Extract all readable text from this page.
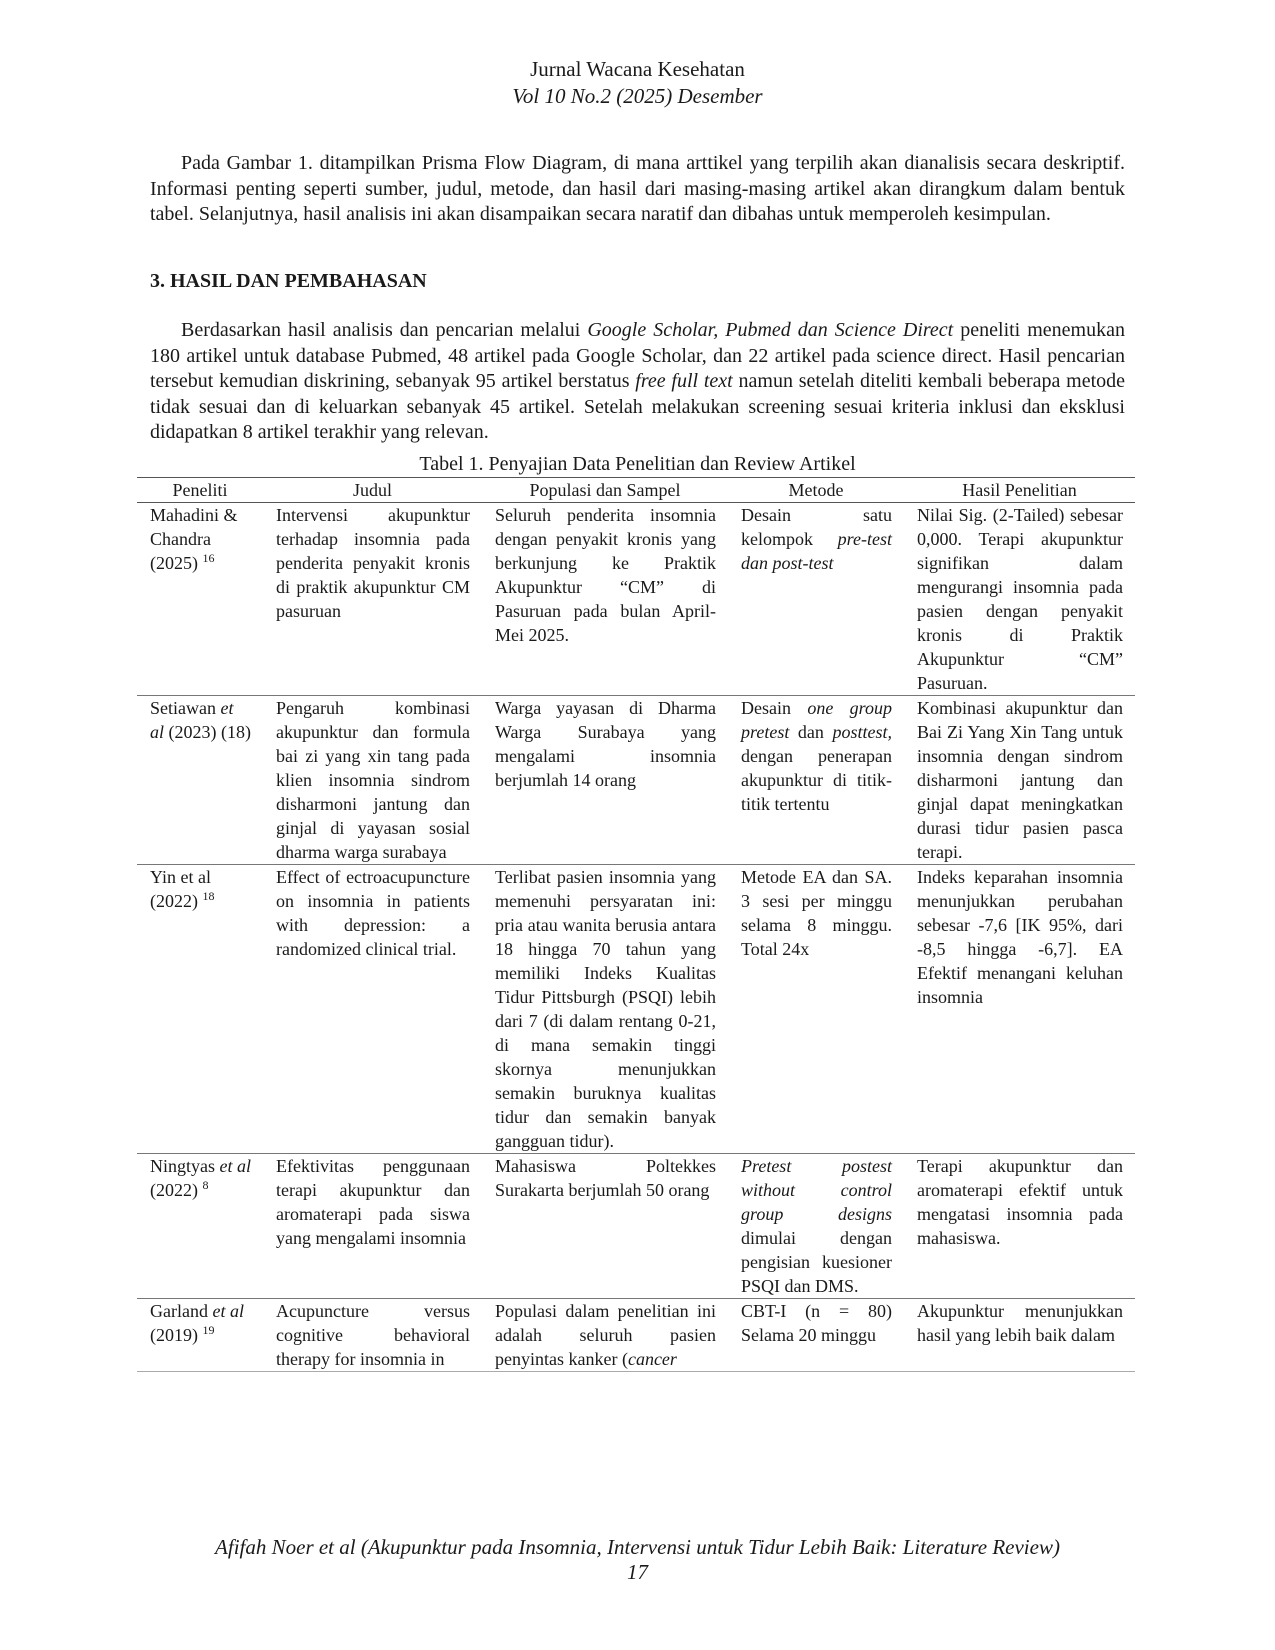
Jurnal Wacana Kesehatan
Vol 10 No.2 (2025) Desember

Pada Gambar 1. ditampilkan Prisma Flow Diagram, di mana arttikel yang terpilih akan dianalisis secara deskriptif. Informasi penting seperti sumber, judul, metode, dan hasil dari masing-masing artikel akan dirangkum dalam bentuk tabel. Selanjutnya, hasil analisis ini akan disampaikan secara naratif dan dibahas untuk memperoleh kesimpulan.

3. HASIL DAN PEMBAHASAN

Berdasarkan hasil analisis dan pencarian melalui Google Scholar, Pubmed dan Science Direct peneliti menemukan 180 artikel untuk database Pubmed, 48 artikel pada Google Scholar, dan 22 artikel pada science direct. Hasil pencarian tersebut kemudian diskrining, sebanyak 95 artikel berstatus free full text namun setelah diteliti kembali beberapa metode tidak sesuai dan di keluarkan sebanyak 45 artikel. Setelah melakukan screening sesuai kriteria inklusi dan eksklusi didapatkan 8 artikel terakhir yang relevan.

Tabel 1. Penyajian Data Penelitian dan Review Artikel
Peneliti	Judul	Populasi dan Sampel	Metode	Hasil Penelitian
Mahadini & Chandra (2025) $^{16}$	Intervensi akupunktur terhadap insomnia pada penderita penyakit kronis di praktik akupunktur CM pasuruan	Seluruh penderita insomnia dengan penyakit kronis yang berkunjung ke Praktik Akupunktur “CM” di Pasuruan pada bulan April-Mei 2025.	Desain satu kelompok pre-test dan post-test	Nilai Sig. (2-Tailed) sebesar 0,000. Terapi akupunktur signifikan dalam mengurangi insomnia pada pasien dengan penyakit kronis di Praktik Akupunktur “CM” Pasuruan.
Setiawan et al (2023) (18)	Pengaruh kombinasi akupunktur dan formula bai zi yang xin tang pada klien insomnia sindrom disharmoni jantung dan ginjal di yayasan sosial dharma warga surabaya	Warga yayasan di Dharma Warga Surabaya yang mengalami insomnia berjumlah 14 orang	Desain one group pretest dan posttest, dengan penerapan akupunktur di titik-titik tertentu	Kombinasi akupunktur dan Bai Zi Yang Xin Tang untuk insomnia dengan sindrom disharmoni jantung dan ginjal dapat meningkatkan durasi tidur pasien pasca terapi.
Yin et al (2022) $^{18}$	Effect of ectroacupuncture on insomnia in patients with depression: a randomized clinical trial.	Terlibat pasien insomnia yang memenuhi persyaratan ini: pria atau wanita berusia antara 18 hingga 70 tahun yang memiliki Indeks Kualitas Tidur Pittsburgh (PSQI) lebih dari 7 (di dalam rentang 0-21, di mana semakin tinggi skornya menunjukkan semakin buruknya kualitas tidur dan semakin banyak gangguan tidur).	Metode EA dan SA. 3 sesi per minggu selama 8 minggu. Total 24x	Indeks keparahan insomnia menunjukkan perubahan sebesar -7,6 [IK 95%, dari -8,5 hingga -6,7]. EA Efektif menangani keluhan insomnia
Ningtyas et al (2022) $^8$	Efektivitas penggunaan terapi akupunktur dan aromaterapi pada siswa yang mengalami insomnia	Mahasiswa Poltekkes Surakarta berjumlah 50 orang	Pretest postest without control group designs dimulai dengan pengisian kuesioner PSQI dan DMS.	Terapi akupunktur dan aromaterapi efektif untuk mengatasi insomnia pada mahasiswa.
Garland et al (2019) $^{19}$	Acupuncture versus cognitive behavioral therapy for insomnia in	Populasi dalam penelitian ini adalah seluruh pasien penyintas kanker (cancer	CBT-I (n = 80) Selama 20 minggu	Akupunktur menunjukkan hasil yang lebih baik dalam
Afifah Noer et al (Akupunktur pada Insomnia, Intervensi untuk Tidur Lebih Baik: Literature Review)
17
